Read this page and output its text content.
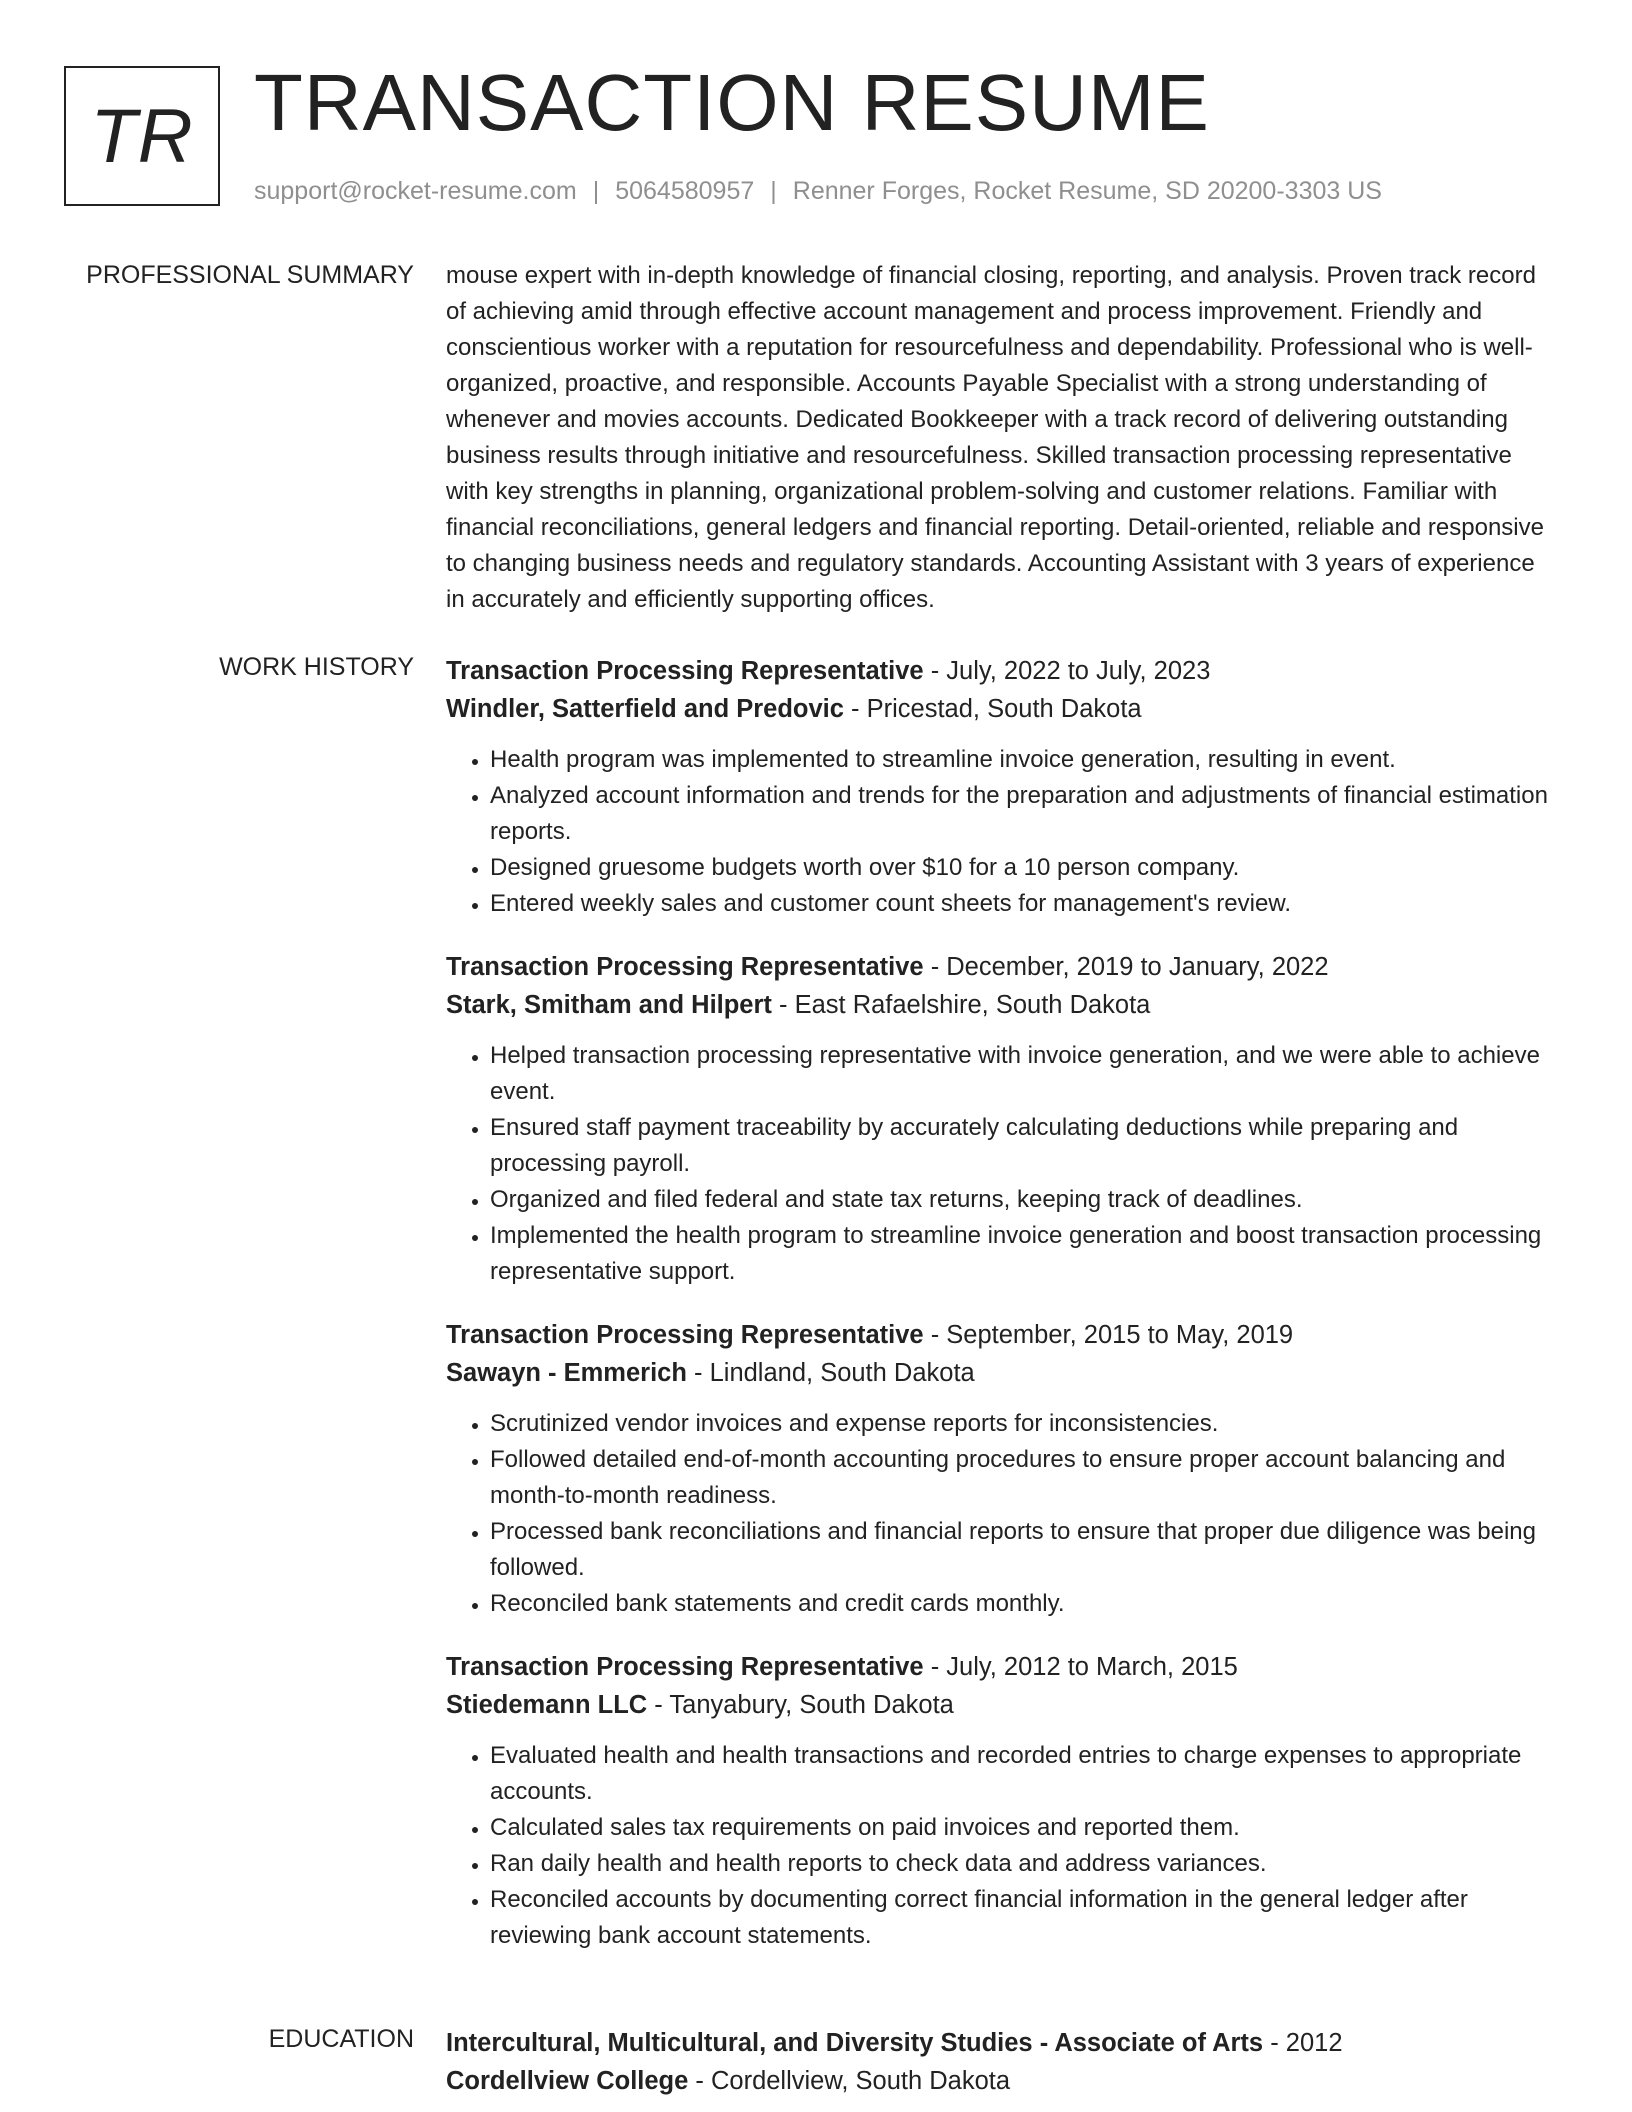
TR TRANSACTION RESUME
support@rocket-resume.com | 5064580957 | Renner Forges, Rocket Resume, SD 20200-3303 US
PROFESSIONAL SUMMARY mouse expert with in-depth knowledge of financial closing, reporting, and analysis. Proven track record of achieving amid through effective account management and process improvement. Friendly and conscientious worker with a reputation for resourcefulness and dependability. Professional who is well-organized, proactive, and responsible. Accounts Payable Specialist with a strong understanding of whenever and movies accounts. Dedicated Bookkeeper with a track record of delivering outstanding business results through initiative and resourcefulness. Skilled transaction processing representative with key strengths in planning, organizational problem-solving and customer relations. Familiar with financial reconciliations, general ledgers and financial reporting. Detail-oriented, reliable and responsive to changing business needs and regulatory standards. Accounting Assistant with 3 years of experience in accurately and efficiently supporting offices.

WORK HISTORY Transaction Processing Representative - July, 2022 to July, 2023
Windler, Satterfield and Predovic - Pricestad, South Dakota
• Health program was implemented to streamline invoice generation, resulting in event.
• Analyzed account information and trends for the preparation and adjustments of financial estimation reports.
• Designed gruesome budgets worth over $10 for a 10 person company.
• Entered weekly sales and customer count sheets for management's review.
Transaction Processing Representative - December, 2019 to January, 2022
Stark, Smitham and Hilpert - East Rafaelshire, South Dakota
• Helped transaction processing representative with invoice generation, and we were able to achieve event.
• Ensured staff payment traceability by accurately calculating deductions while preparing and processing payroll.
• Organized and filed federal and state tax returns, keeping track of deadlines.
• Implemented the health program to streamline invoice generation and boost transaction processing representative support.
Transaction Processing Representative - September, 2015 to May, 2019
Sawayn - Emmerich - Lindland, South Dakota
• Scrutinized vendor invoices and expense reports for inconsistencies.
• Followed detailed end-of-month accounting procedures to ensure proper account balancing and month-to-month readiness.
• Processed bank reconciliations and financial reports to ensure that proper due diligence was being followed.
• Reconciled bank statements and credit cards monthly.
Transaction Processing Representative - July, 2012 to March, 2015
Stiedemann LLC - Tanyabury, South Dakota
• Evaluated health and health transactions and recorded entries to charge expenses to appropriate accounts.
• Calculated sales tax requirements on paid invoices and reported them.
• Ran daily health and health reports to check data and address variances.
• Reconciled accounts by documenting correct financial information in the general ledger after reviewing bank account statements.
EDUCATION Intercultural, Multicultural, and Diversity Studies - Associate of Arts - 2012
Cordellview College - Cordellview, South Dakota
